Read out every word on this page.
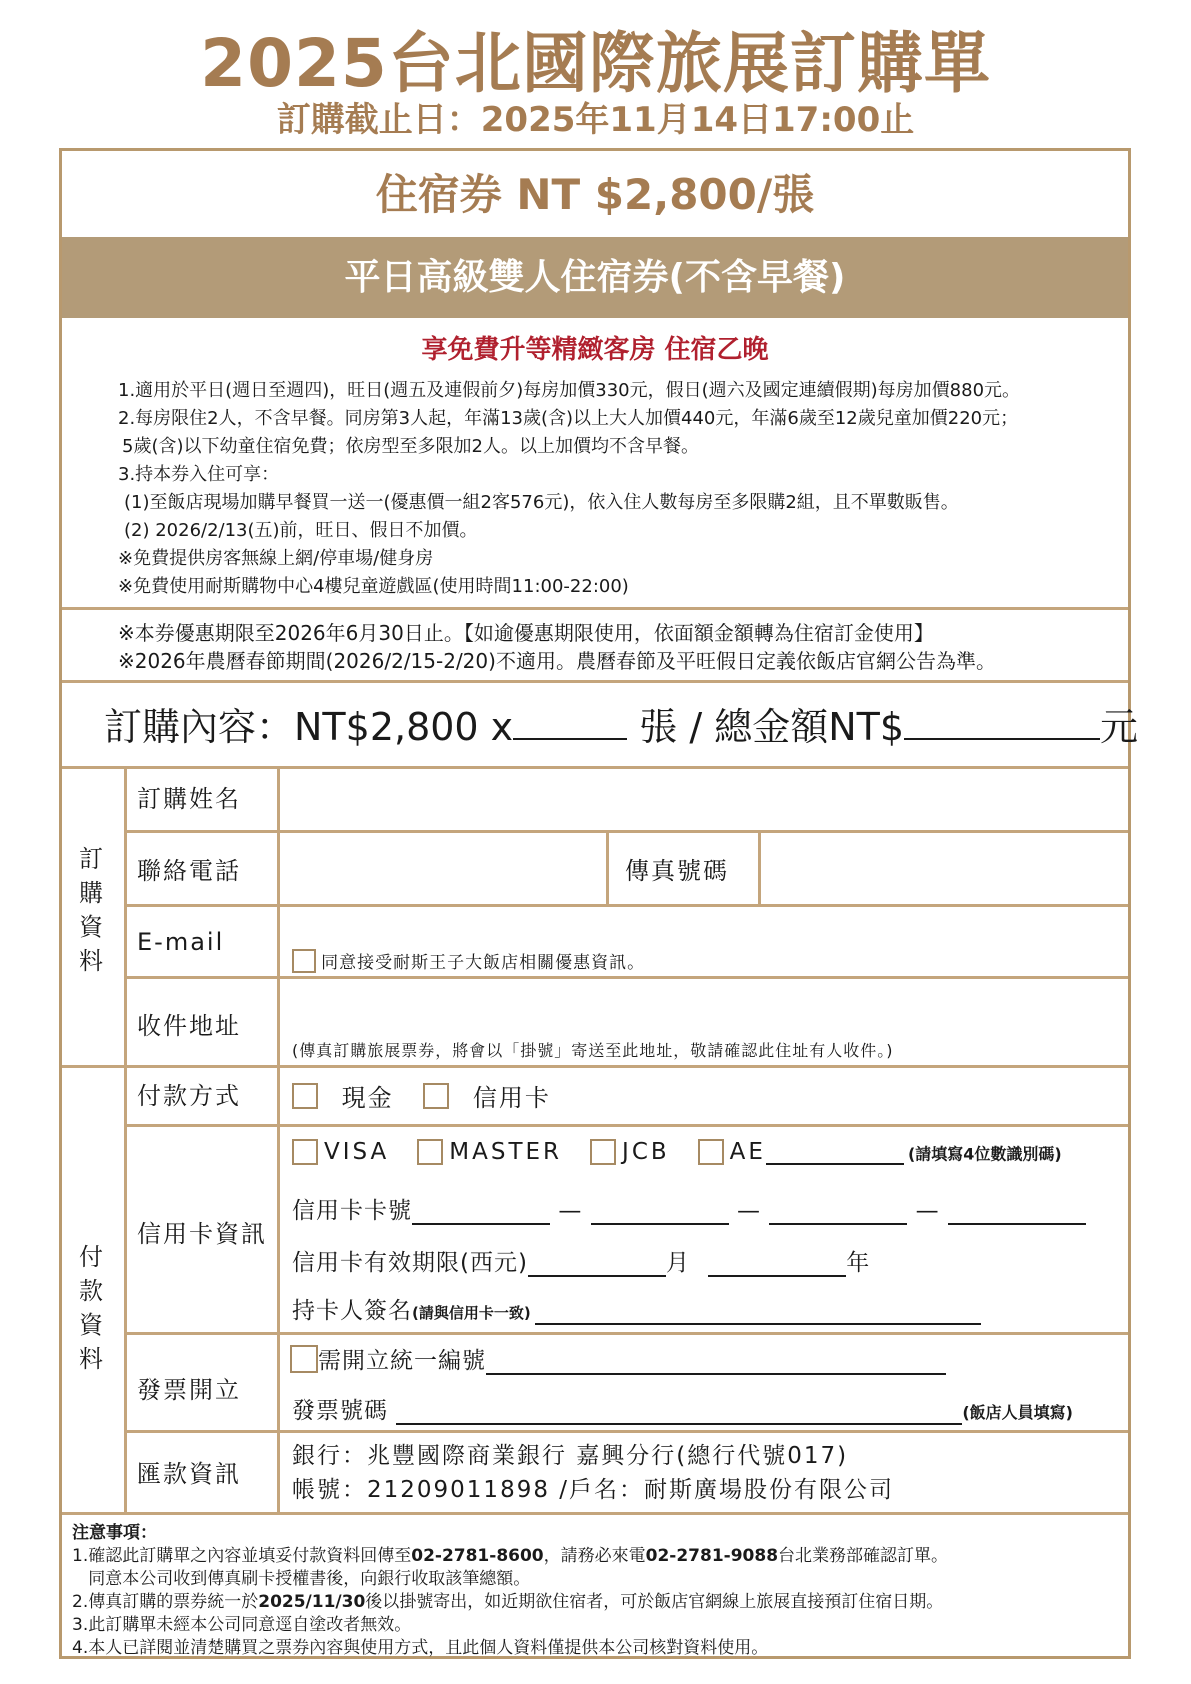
2025台北國際旅展訂購單
訂購截止日：2025年11月14日17:00止
住宿券 NT $2,800/張
平日高級雙人住宿券(不含早餐)
享免費升等精緻客房 住宿乙晚
1.適用於平日(週日至週四)，旺日(週五及連假前夕)每房加價330元，假日(週六及國定連續假期)每房加價880元。
2.每房限住2人，不含早餐。同房第3人起，年滿13歲(含)以上大人加價440元，年滿6歲至12歲兒童加價220元；
5歲(含)以下幼童住宿免費；依房型至多限加2人。以上加價均不含早餐。
3.持本券入住可享：
(1)至飯店現場加購早餐買一送一(優惠價一組2客576元)，依入住人數每房至多限購2組，且不單數販售。
(2) 2026/2/13(五)前，旺日、假日不加價。
※免費提供房客無線上網/停車場/健身房
※免費使用耐斯購物中心4樓兒童遊戲區(使用時間11:00-22:00)
※本券優惠期限至2026年6月30日止。【如逾優惠期限使用，依面額金額轉為住宿訂金使用】
※2026年農曆春節期間(2026/2/15-2/20)不適用。農曆春節及平旺假日定義依飯店官網公告為準。
訂購內容：NT$2,800 x	張 / 總金額NT$	元
訂
購
資
料
訂購姓名
聯絡電話	傳真號碼
E-mail
同意接受耐斯王子大飯店相關優惠資訊。
收件地址
(傳真訂購旅展票券，將會以「掛號」寄送至此地址，敬請確認此住址有人收件。)
付
款
資
料
付款方式	現金	信用卡
信用卡資訊
VISA	MASTER	JCB	AE	(請填寫4位數識別碼)
信用卡卡號	—	—	—
信用卡有效期限(西元)	月	年
持卡人簽名(請與信用卡一致)
發票開立
需開立統一編號
發票號碼	(飯店人員填寫)
匯款資訊
銀行：兆豐國際商業銀行 嘉興分行(總行代號017)
帳號：21209011898 /戶名：耐斯廣場股份有限公司
注意事項：
1.確認此訂購單之內容並填妥付款資料回傳至02-2781-8600，請務必來電02-2781-9088台北業務部確認訂單。
同意本公司收到傳真刷卡授權書後，向銀行收取該筆總額。
2.傳真訂購的票券統一於2025/11/30後以掛號寄出，如近期欲住宿者，可於飯店官網線上旅展直接預訂住宿日期。
3.此訂購單未經本公司同意逕自塗改者無效。
4.本人已詳閱並清楚購買之票券內容與使用方式，且此個人資料僅提供本公司核對資料使用。
